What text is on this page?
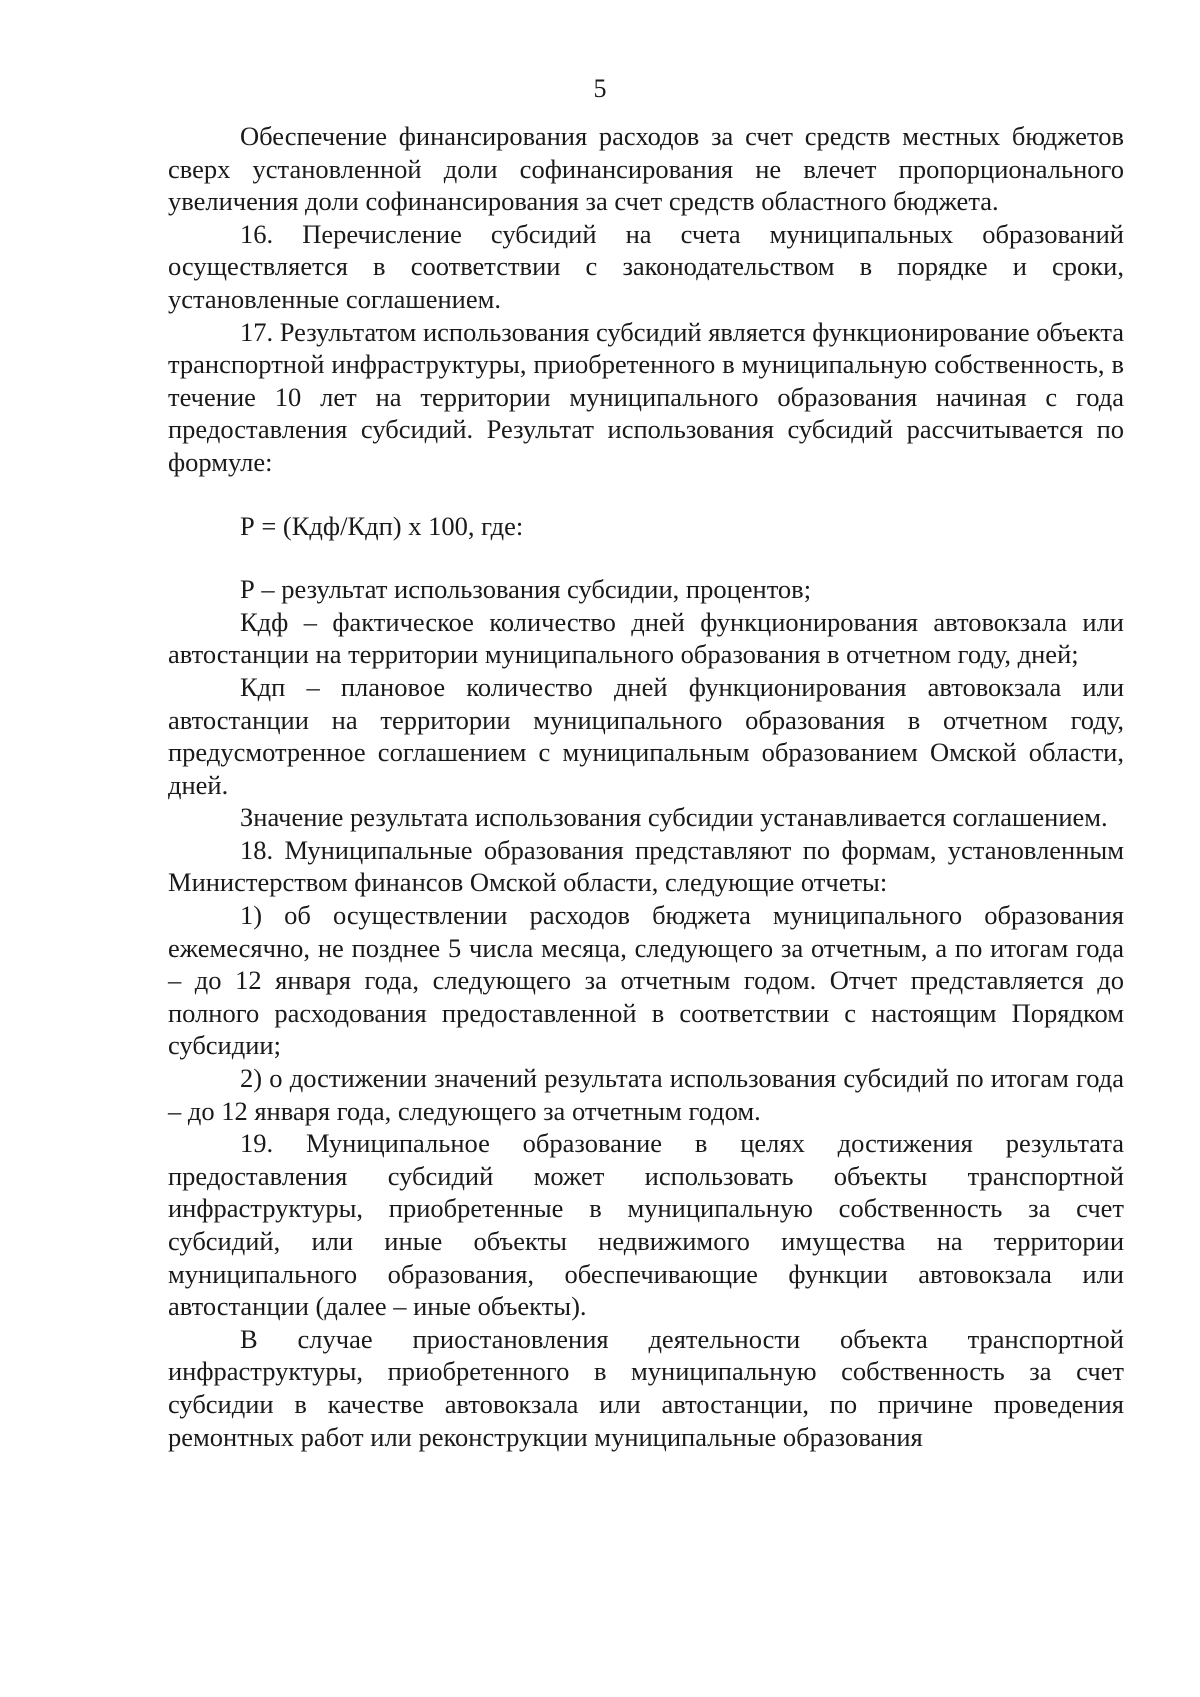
5

Обеспечение финансирования расходов за счет средств местных бюджетов сверх установленной доли софинансирования не влечет пропорционального увеличения доли софинансирования за счет средств областного бюджета.

16. Перечисление субсидий на счета муниципальных образований осуществляется в соответствии с законодательством в порядке и сроки, установленные соглашением.

17. Результатом использования субсидий является функционирование объекта транспортной инфраструктуры, приобретенного в муниципальную собственность, в течение 10 лет на территории муниципального образования начиная с года предоставления субсидий. Результат использования субсидий рассчитывается по формуле:

Р = (Кдф/Кдп) х 100, где:

Р – результат использования субсидии, процентов;

Кдф – фактическое количество дней функционирования автовокзала или автостанции на территории муниципального образования в отчетном году, дней;

Кдп – плановое количество дней функционирования автовокзала или автостанции на территории муниципального образования в отчетном году, предусмотренное соглашением с муниципальным образованием Омской области, дней.

Значение результата использования субсидии устанавливается соглашением.

18. Муниципальные образования представляют по формам, установленным Министерством финансов Омской области, следующие отчеты:

1) об осуществлении расходов бюджета муниципального образования ежемесячно, не позднее 5 числа месяца, следующего за отчетным, а по итогам года – до 12 января года, следующего за отчетным годом. Отчет представляется до полного расходования предоставленной в соответствии с настоящим Порядком субсидии;

2) о достижении значений результата использования субсидий по итогам года – до 12 января года, следующего за отчетным годом.

19. Муниципальное образование в целях достижения результата предоставления субсидий может использовать объекты транспортной инфраструктуры, приобретенные в муниципальную собственность за счет субсидий, или иные объекты недвижимого имущества на территории муниципального образования, обеспечивающие функции автовокзала или автостанции (далее – иные объекты).

В случае приостановления деятельности объекта транспортной инфраструктуры, приобретенного в муниципальную собственность за счет субсидии в качестве автовокзала или автостанции, по причине проведения ремонтных работ или реконструкции муниципальные образования
